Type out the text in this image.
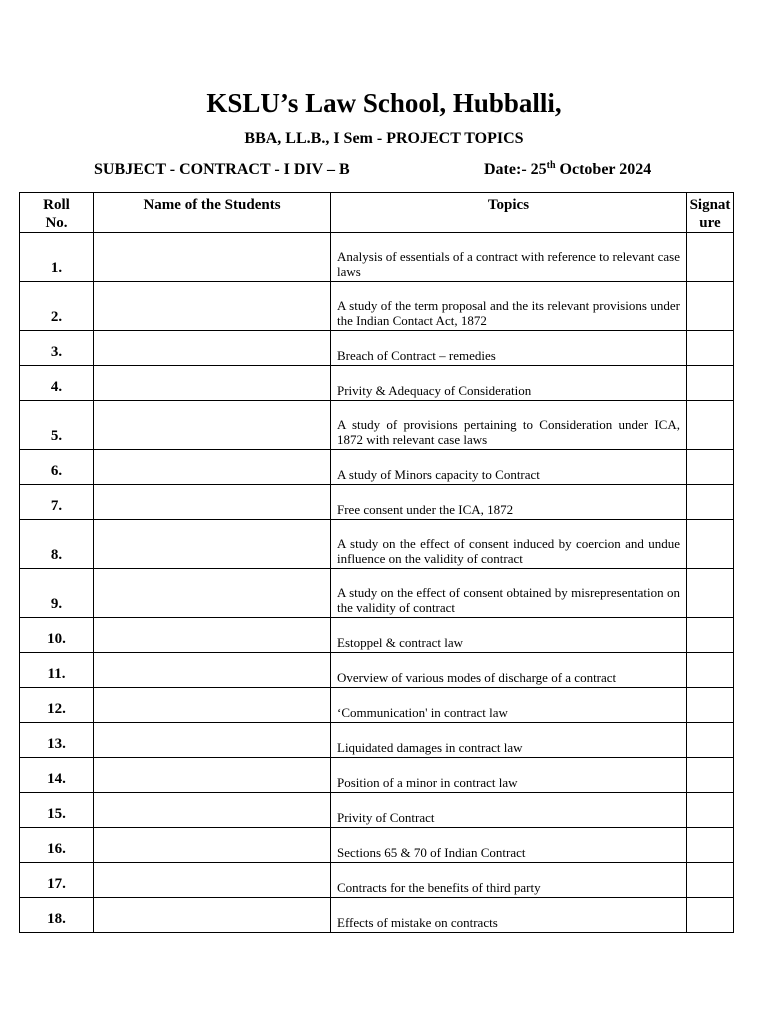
KSLU’s Law School, Hubballi,
BBA, LL.B., I Sem - PROJECT TOPICS
SUBJECT - CONTRACT - I DIV – B	Date:- 25th October 2024
Roll No.	Name of the Students	Topics	Signat ure
1.		Analysis of essentials of a contract with reference to relevant case laws	
2.		A study of the term proposal and the its relevant provisions under the Indian Contact Act, 1872	
3.		Breach of Contract – remedies	
4.		Privity & Adequacy of Consideration	
5.		A study of provisions pertaining to Consideration under ICA, 1872 with relevant case laws	
6.		A study of Minors capacity to Contract	
7.		Free consent under the ICA, 1872	
8.		A study on the effect of consent induced by coercion and undue influence on the validity of contract	
9.		A study on the effect of consent obtained by misrepresentation on the validity of contract	
10.		Estoppel & contract law	
11.		Overview of various modes of discharge of a contract	
12.		‘Communication' in contract law	
13.		Liquidated damages in contract law	
14.		Position of a minor in contract law	
15.		Privity of Contract	
16.		Sections 65 & 70 of Indian Contract	
17.		Contracts for the benefits of third party	
18.		Effects of mistake on contracts	
